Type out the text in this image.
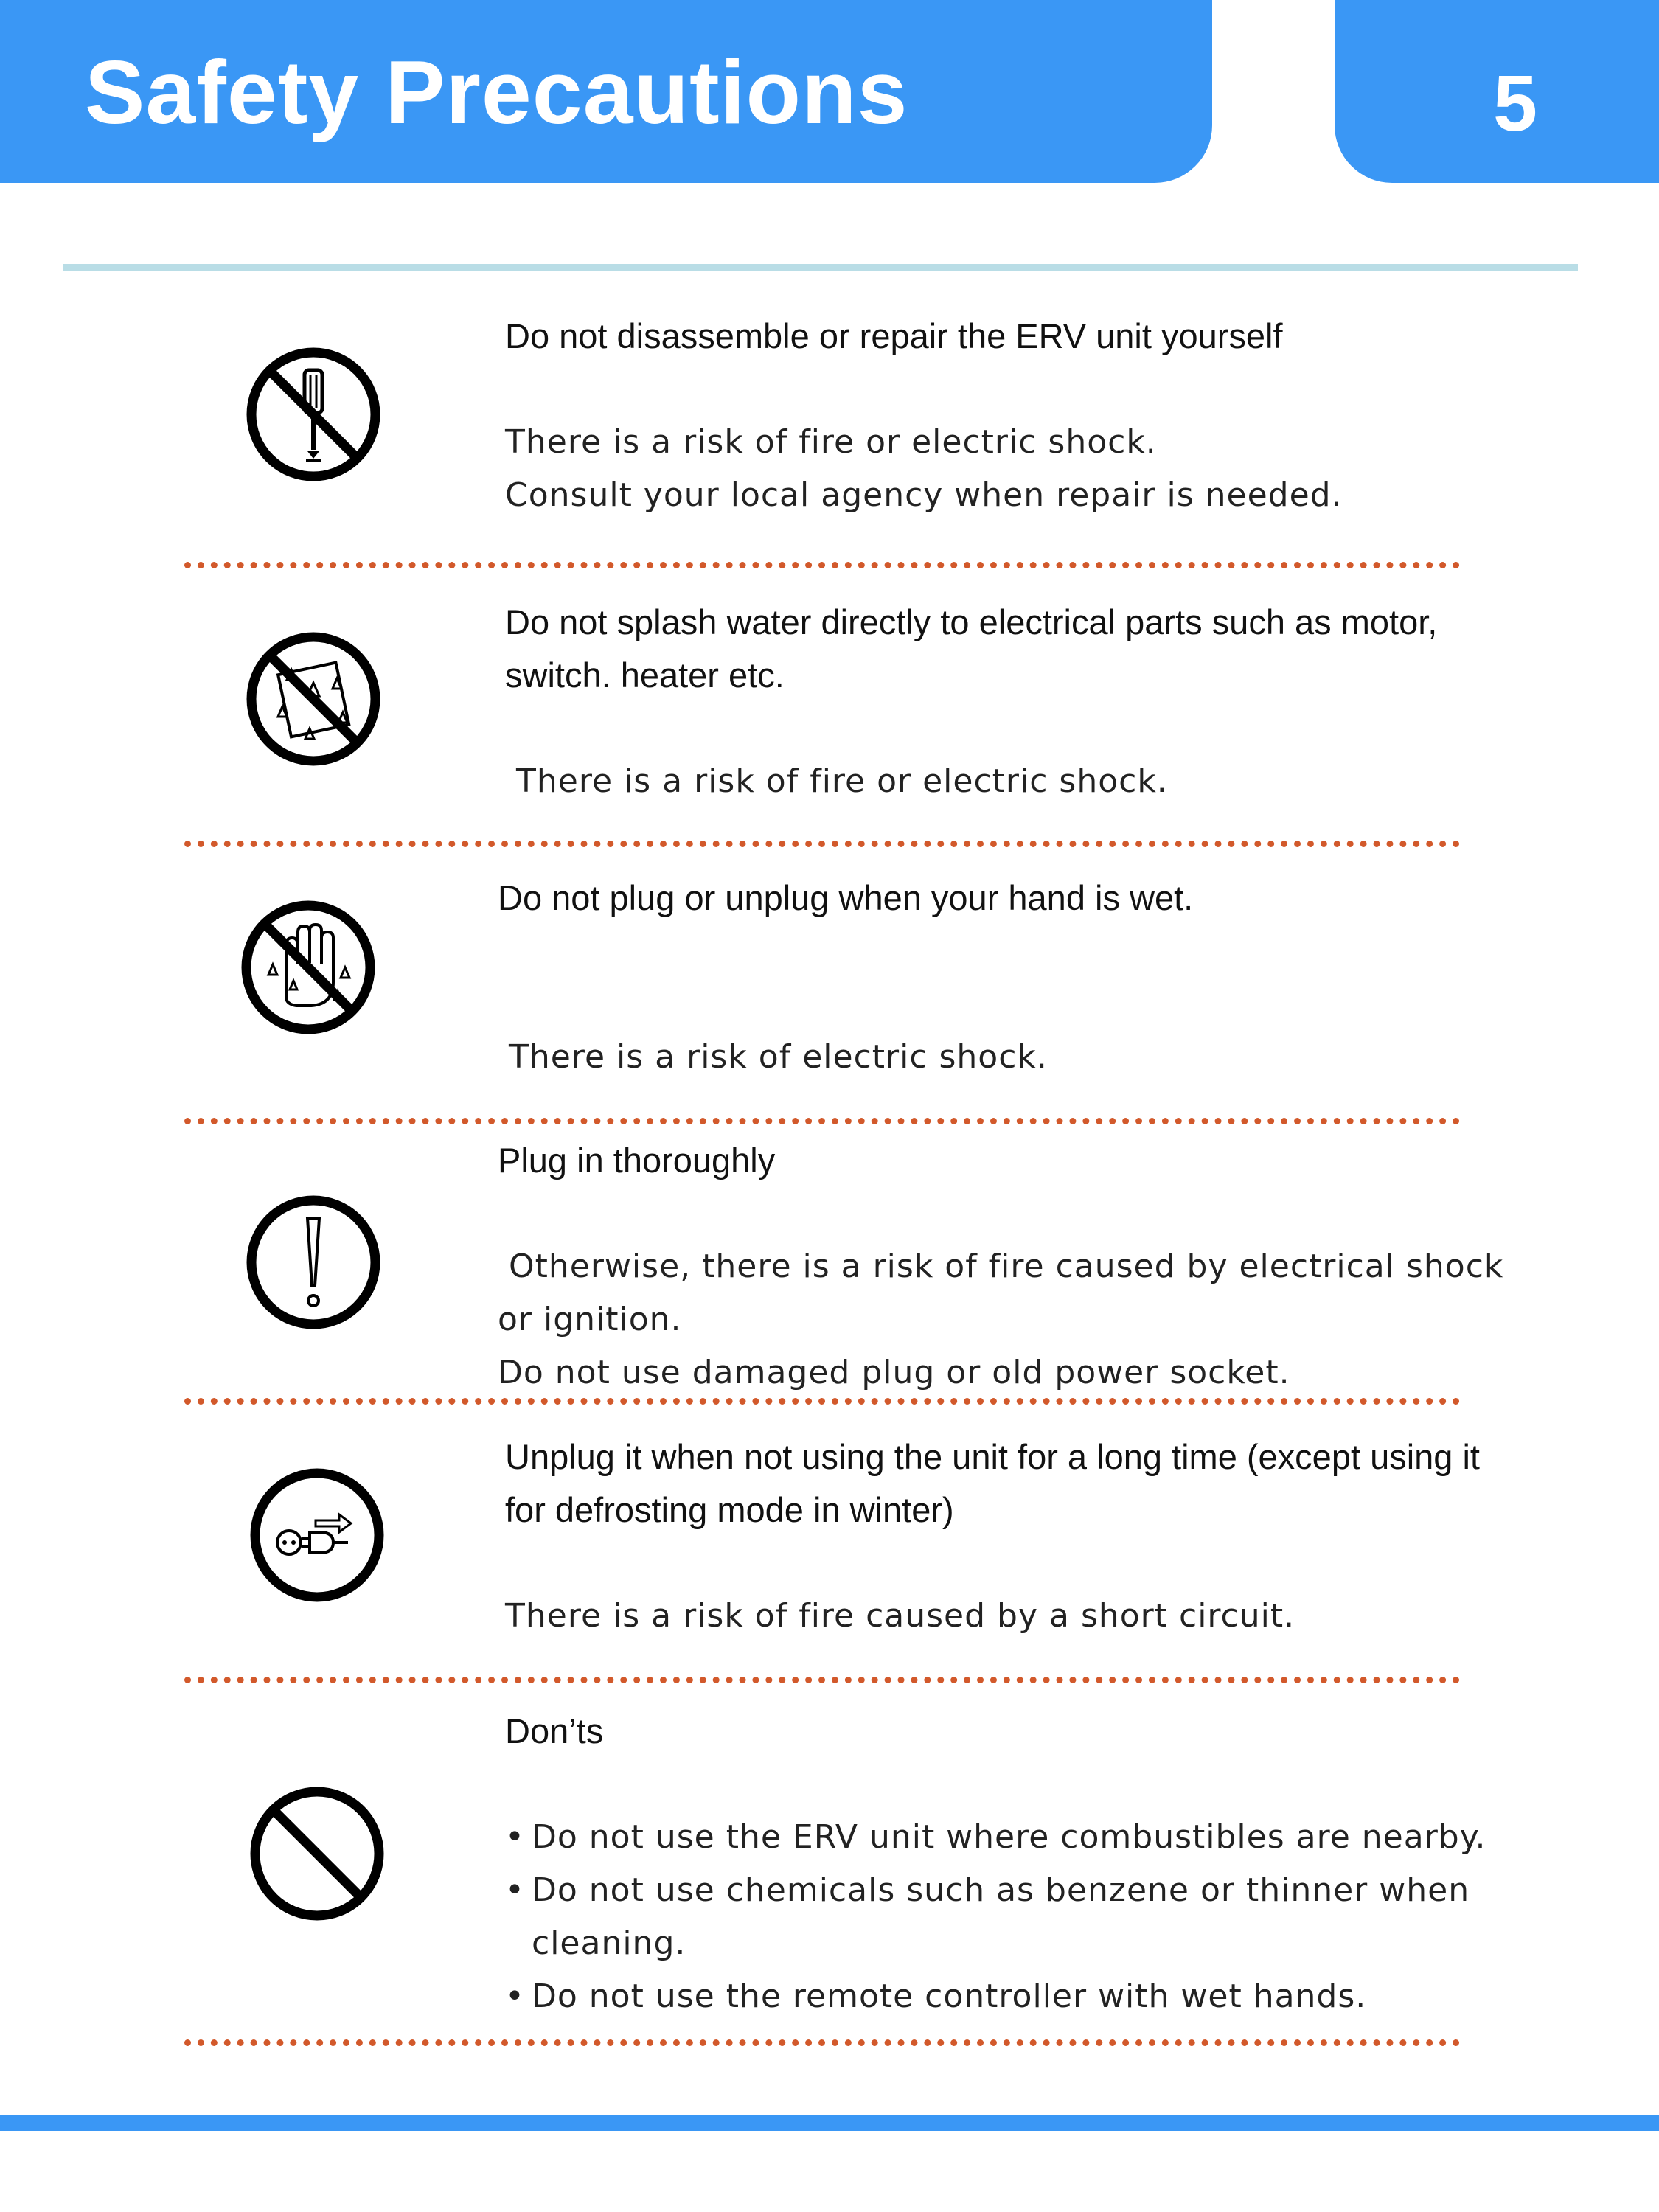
Safety Precautions	5

Do not disassemble or repair the ERV unit yourself

There is a risk of fire or electric shock.

Consult your local agency when repair is needed.

Do not splash water directly to electrical parts such as motor, switch. heater etc.

There is a risk of fire or electric shock.

Do not plug or unplug when your hand is wet.

There is a risk of electric shock.

Plug in thoroughly

Otherwise, there is a risk of fire caused by electrical shock or ignition.

Do not use damaged plug or old power socket.

Unplug it when not using the unit for a long time (except using it for defrosting mode in winter)

There is a risk of fire caused by a short circuit.

Don’ts

• Do not use the ERV unit where combustibles are nearby.
• Do not use chemicals such as benzene or thinner when cleaning.
• Do not use the remote controller with wet hands.
